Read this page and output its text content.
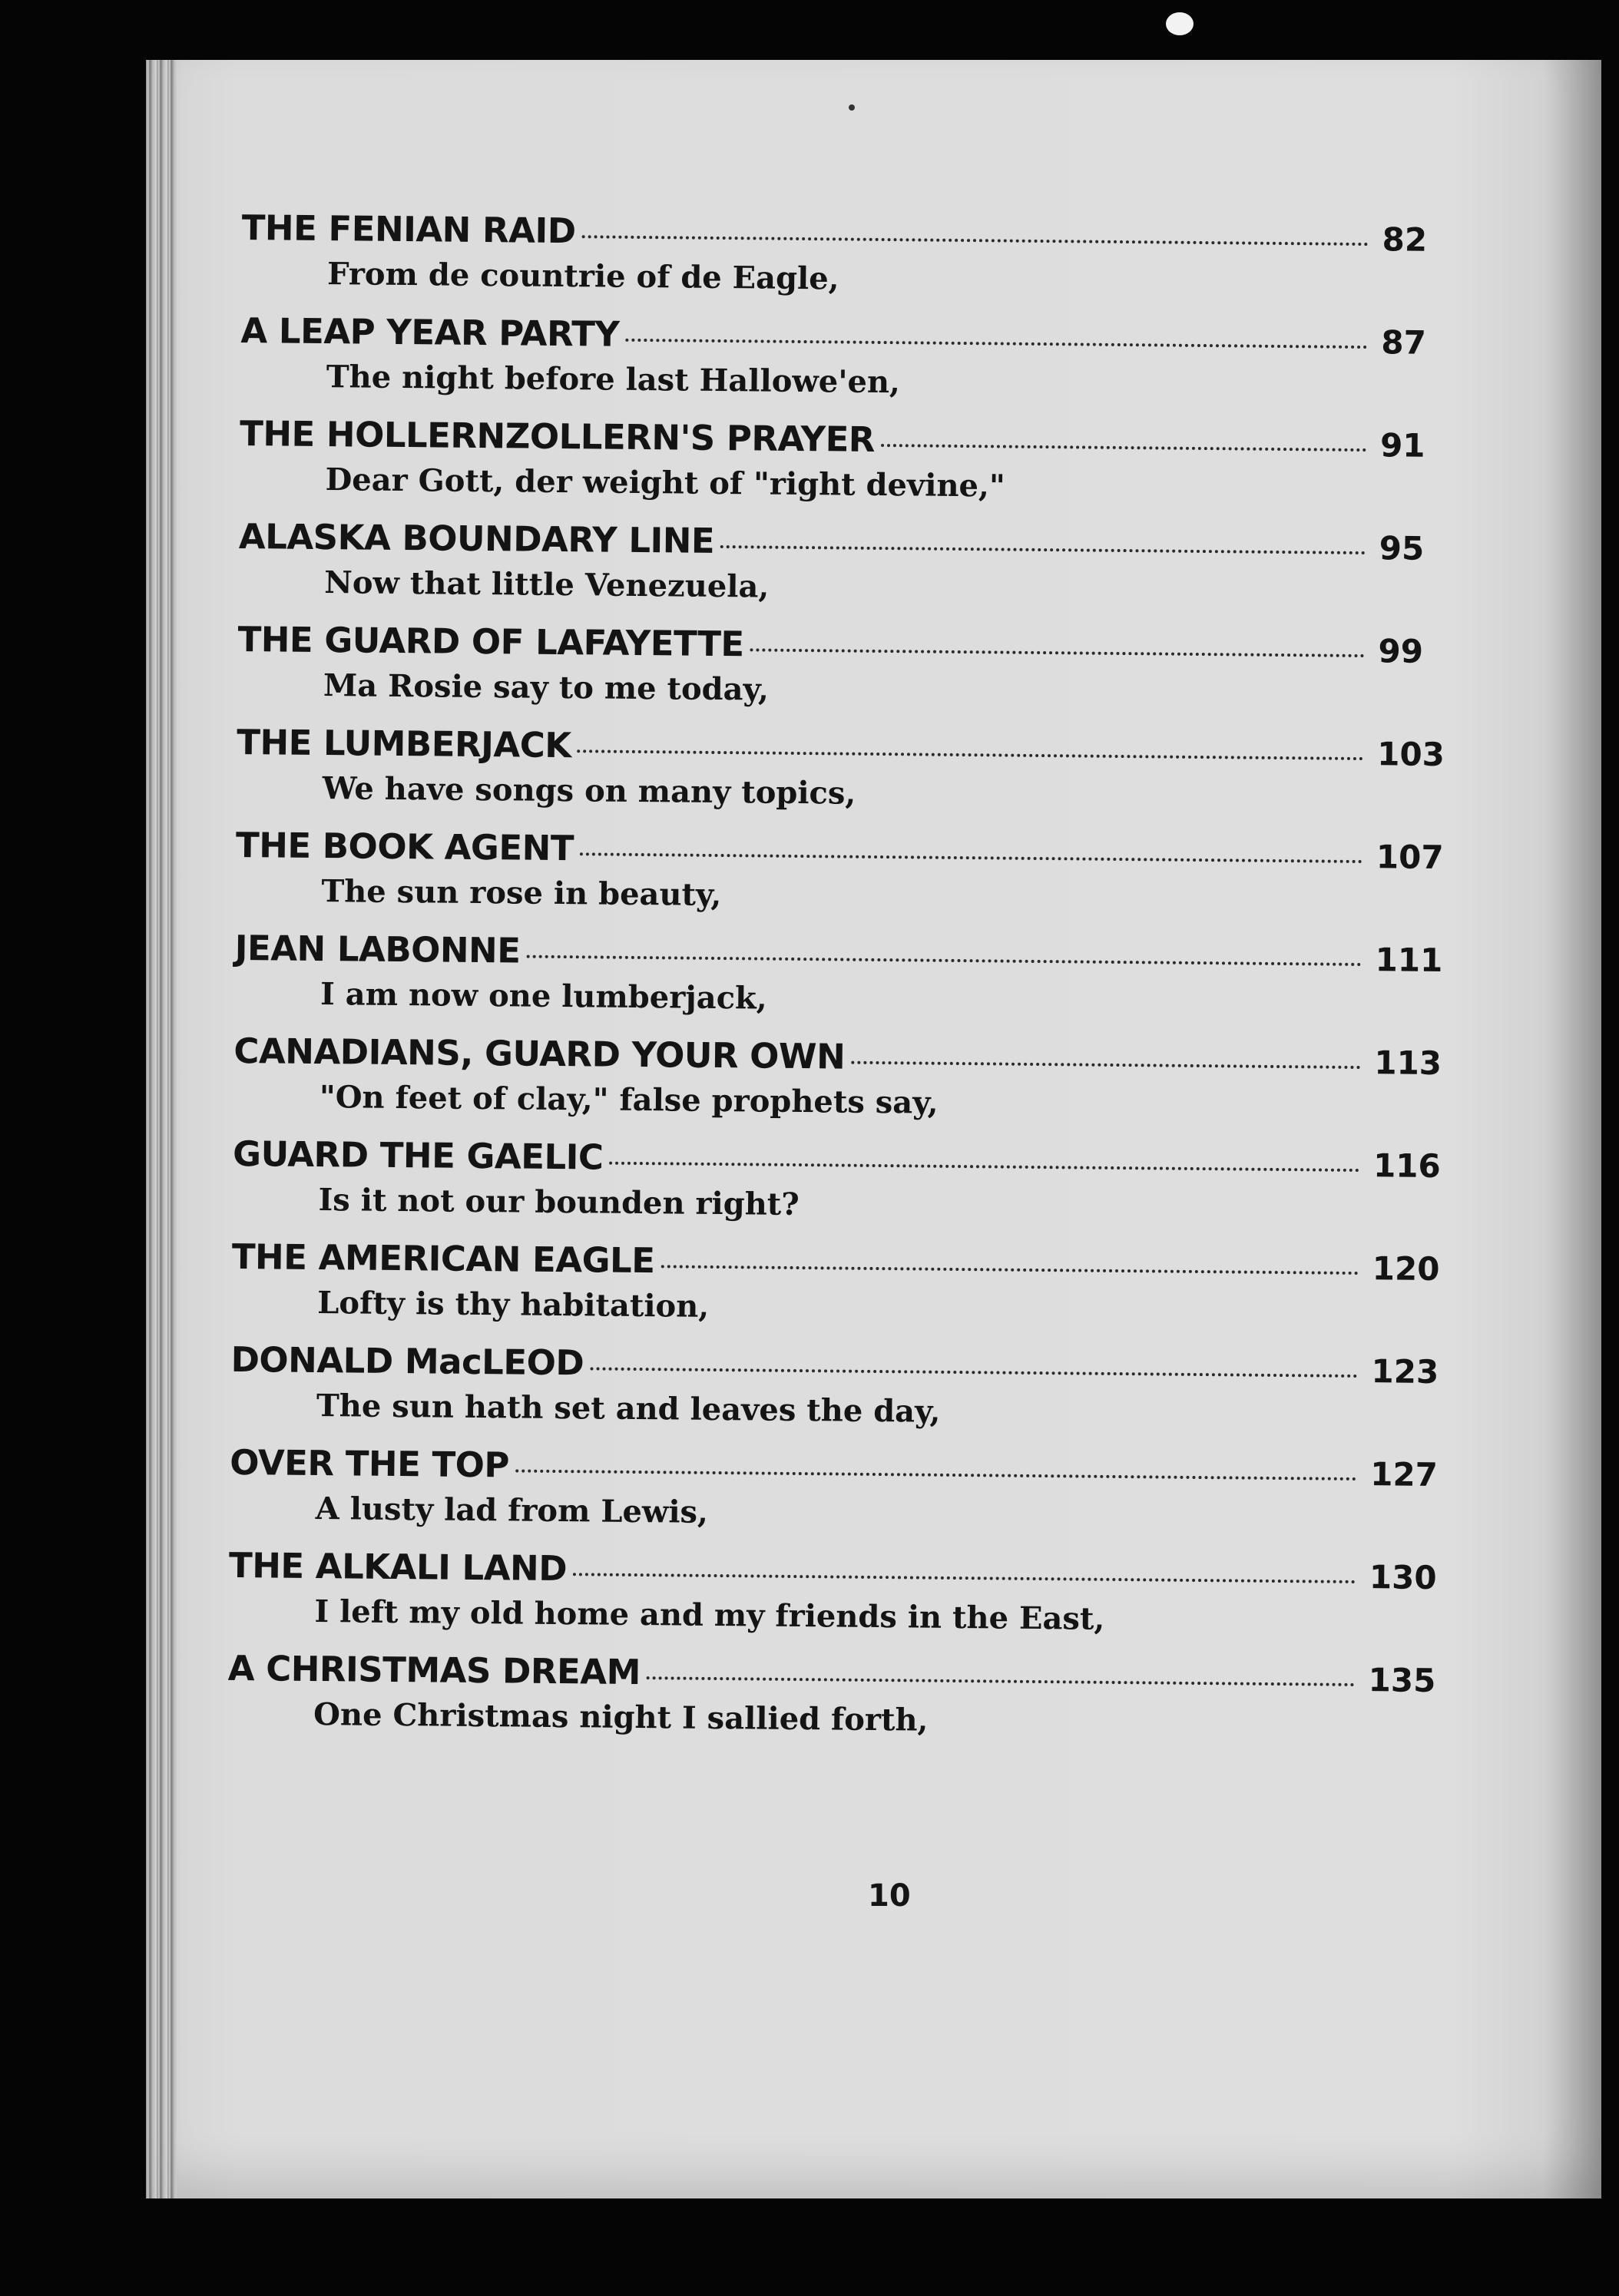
THE FENIAN RAID	82
From de countrie of de Eagle,
A LEAP YEAR PARTY	87
The night before last Hallowe'en,
THE HOLLERNZOLLERN'S PRAYER	91
Dear Gott, der weight of "right devine,"
ALASKA BOUNDARY LINE	95
Now that little Venezuela,
THE GUARD OF LAFAYETTE	99
Ma Rosie say to me today,
THE LUMBERJACK	103
We have songs on many topics,
THE BOOK AGENT	107
The sun rose in beauty,
JEAN LABONNE	111
I am now one lumberjack,
CANADIANS, GUARD YOUR OWN	113
"On feet of clay," false prophets say,
GUARD THE GAELIC	116
Is it not our bounden right?
THE AMERICAN EAGLE	120
Lofty is thy habitation,
DONALD MacLEOD	123
The sun hath set and leaves the day,
OVER THE TOP	127
A lusty lad from Lewis,
THE ALKALI LAND	130
I left my old home and my friends in the East,
A CHRISTMAS DREAM	135
One Christmas night I sallied forth,
10
